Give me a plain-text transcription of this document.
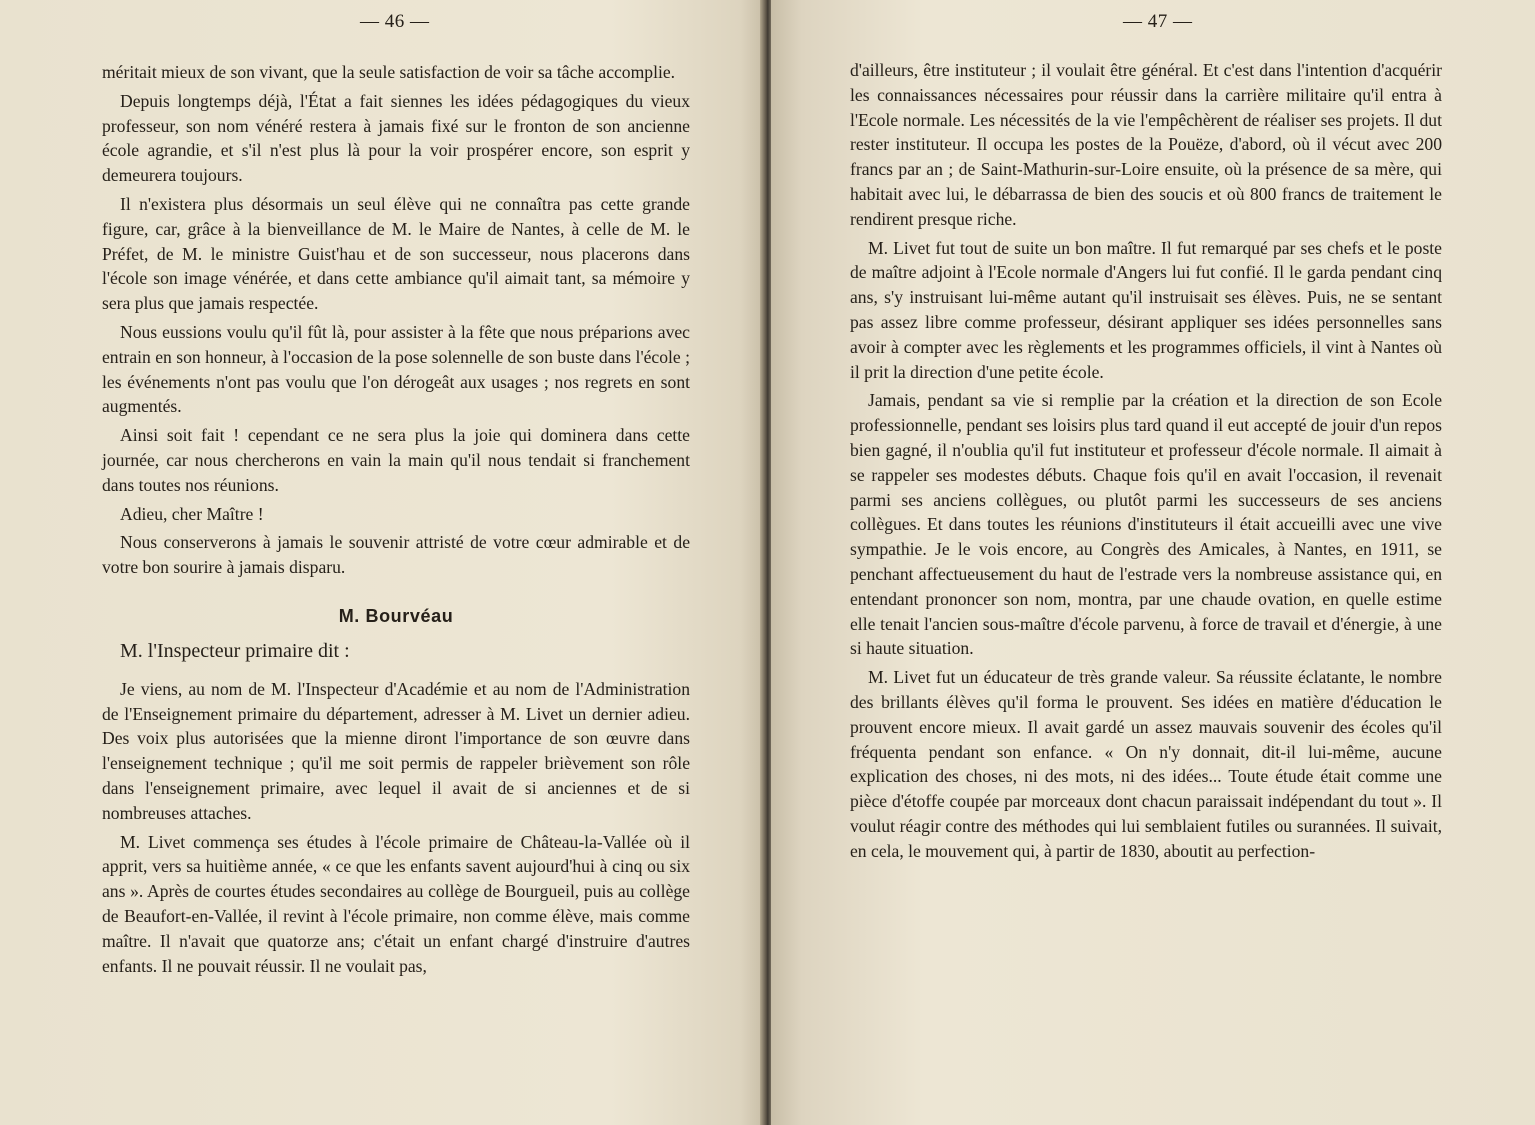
— 46 —

méritait mieux de son vivant, que la seule satisfaction de voir sa tâche accomplie.

Depuis longtemps déjà, l'État a fait siennes les idées pédagogiques du vieux professeur, son nom vénéré restera à jamais fixé sur le fronton de son ancienne école agrandie, et s'il n'est plus là pour la voir prospérer encore, son esprit y demeurera toujours.

Il n'existera plus désormais un seul élève qui ne connaîtra pas cette grande figure, car, grâce à la bienveillance de M. le Maire de Nantes, à celle de M. le Préfet, de M. le ministre Guist'hau et de son successeur, nous placerons dans l'école son image vénérée, et dans cette ambiance qu'il aimait tant, sa mémoire y sera plus que jamais respectée.

Nous eussions voulu qu'il fût là, pour assister à la fête que nous préparions avec entrain en son honneur, à l'occasion de la pose solennelle de son buste dans l'école ; les événements n'ont pas voulu que l'on dérogeât aux usages ; nos regrets en sont augmentés.

Ainsi soit fait ! cependant ce ne sera plus la joie qui dominera dans cette journée, car nous chercherons en vain la main qu'il nous tendait si franchement dans toutes nos réunions.

Adieu, cher Maître !

Nous conserverons à jamais le souvenir attristé de votre cœur admirable et de votre bon sourire à jamais disparu.

M. Bourvéau
M. l'Inspecteur primaire dit :

Je viens, au nom de M. l'Inspecteur d'Académie et au nom de l'Administration de l'Enseignement primaire du département, adresser à M. Livet un dernier adieu. Des voix plus autorisées que la mienne diront l'importance de son œuvre dans l'enseignement technique ; qu'il me soit permis de rappeler brièvement son rôle dans l'enseignement primaire, avec lequel il avait de si anciennes et de si nombreuses attaches.

M. Livet commença ses études à l'école primaire de Château-la-Vallée où il apprit, vers sa huitième année, « ce que les enfants savent aujourd'hui à cinq ou six ans ». Après de courtes études secondaires au collège de Bourgueil, puis au collège de Beaufort-en-Vallée, il revint à l'école primaire, non comme élève, mais comme maître. Il n'avait que quatorze ans; c'était un enfant chargé d'instruire d'autres enfants. Il ne pouvait réussir. Il ne voulait pas,

— 47 —

d'ailleurs, être instituteur ; il voulait être général. Et c'est dans l'intention d'acquérir les connaissances nécessaires pour réussir dans la carrière militaire qu'il entra à l'Ecole normale. Les nécessités de la vie l'empêchèrent de réaliser ses projets. Il dut rester instituteur. Il occupa les postes de la Pouëze, d'abord, où il vécut avec 200 francs par an ; de Saint-Mathurin-sur-Loire ensuite, où la présence de sa mère, qui habitait avec lui, le débarrassa de bien des soucis et où 800 francs de traitement le rendirent presque riche.

M. Livet fut tout de suite un bon maître. Il fut remarqué par ses chefs et le poste de maître adjoint à l'Ecole normale d'Angers lui fut confié. Il le garda pendant cinq ans, s'y instruisant lui-même autant qu'il instruisait ses élèves. Puis, ne se sentant pas assez libre comme professeur, désirant appliquer ses idées personnelles sans avoir à compter avec les règlements et les programmes officiels, il vint à Nantes où il prit la direction d'une petite école.

Jamais, pendant sa vie si remplie par la création et la direction de son Ecole professionnelle, pendant ses loisirs plus tard quand il eut accepté de jouir d'un repos bien gagné, il n'oublia qu'il fut instituteur et professeur d'école normale. Il aimait à se rappeler ses modestes débuts. Chaque fois qu'il en avait l'occasion, il revenait parmi ses anciens collègues, ou plutôt parmi les successeurs de ses anciens collègues. Et dans toutes les réunions d'instituteurs il était accueilli avec une vive sympathie. Je le vois encore, au Congrès des Amicales, à Nantes, en 1911, se penchant affectueusement du haut de l'estrade vers la nombreuse assistance qui, en entendant prononcer son nom, montra, par une chaude ovation, en quelle estime elle tenait l'ancien sous-maître d'école parvenu, à force de travail et d'énergie, à une si haute situation.

M. Livet fut un éducateur de très grande valeur. Sa réussite éclatante, le nombre des brillants élèves qu'il forma le prouvent. Ses idées en matière d'éducation le prouvent encore mieux. Il avait gardé un assez mauvais souvenir des écoles qu'il fréquenta pendant son enfance. « On n'y donnait, dit-il lui-même, aucune explication des choses, ni des mots, ni des idées... Toute étude était comme une pièce d'étoffe coupée par morceaux dont chacun paraissait indépendant du tout ». Il voulut réagir contre des méthodes qui lui semblaient futiles ou surannées. Il suivait, en cela, le mouvement qui, à partir de 1830, aboutit au perfection-
